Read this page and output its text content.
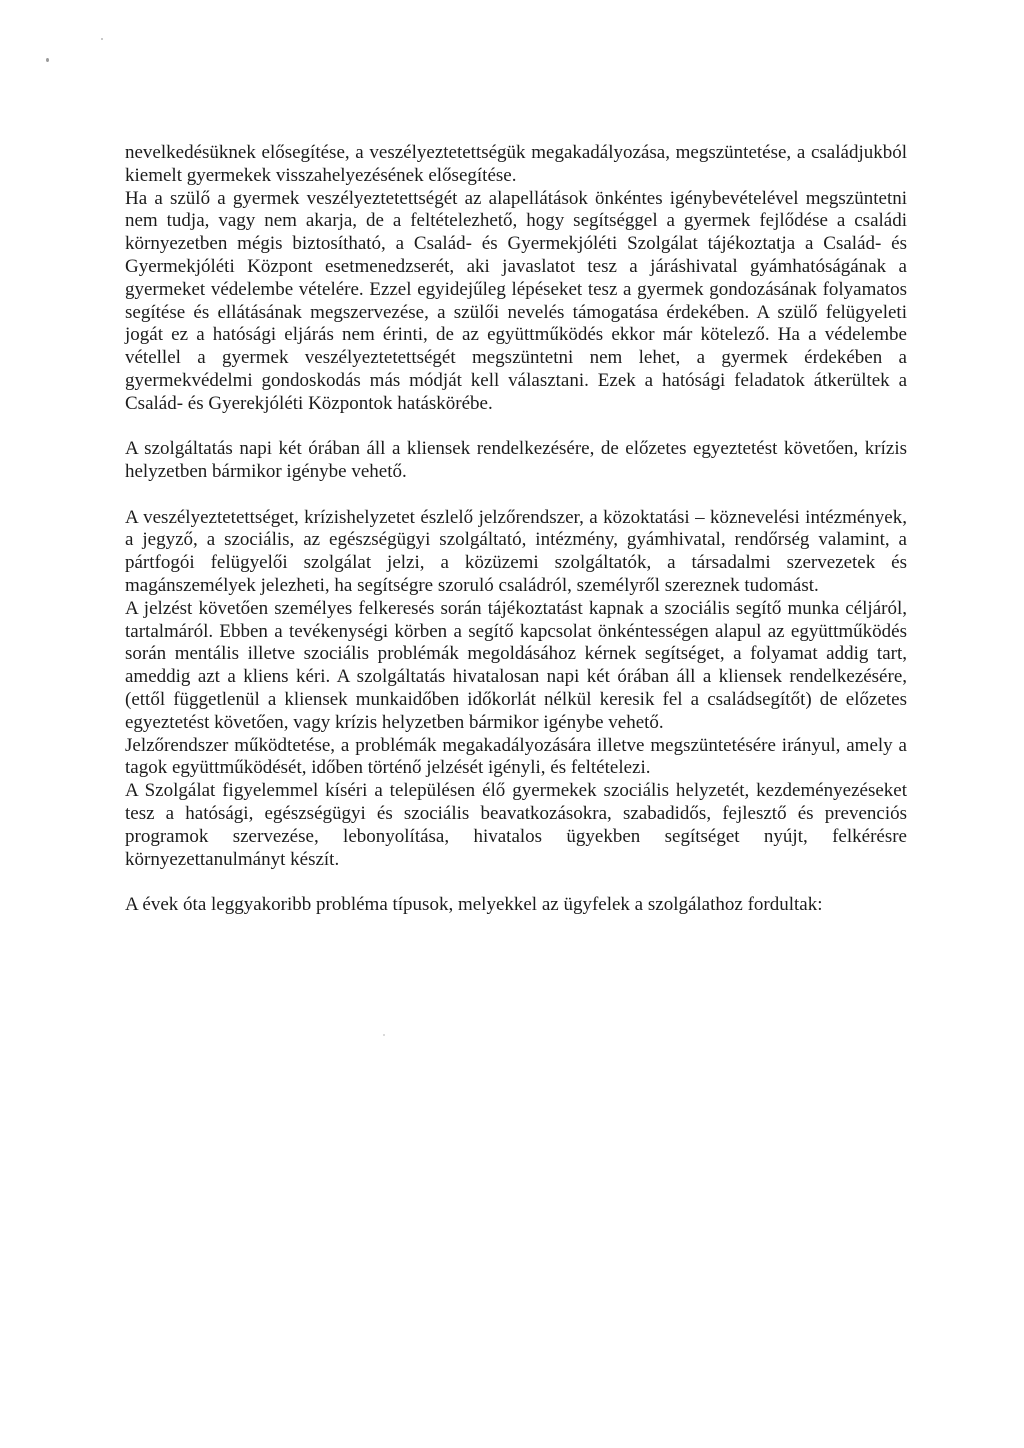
nevelkedésüknek elősegítése, a veszélyeztetettségük megakadályozása, megszüntetése, a családjukból kiemelt gyermekek visszahelyezésének elősegítése.

Ha a szülő a gyermek veszélyeztetettségét az alapellátások önkéntes igénybevételével megszüntetni nem tudja, vagy nem akarja, de a feltételezhető, hogy segítséggel a gyermek fejlődése a családi környezetben mégis biztosítható, a Család- és Gyermekjóléti Szolgálat tájékoztatja a Család- és Gyermekjóléti Központ esetmenedzserét, aki javaslatot tesz a járáshivatal gyámhatóságának a gyermeket védelembe vételére. Ezzel egyidejűleg lépéseket tesz a gyermek gondozásának folyamatos segítése és ellátásának megszervezése, a szülői nevelés támogatása érdekében. A szülő felügyeleti jogát ez a hatósági eljárás nem érinti, de az együttműködés ekkor már kötelező. Ha a védelembe vétellel a gyermek veszélyeztetettségét megszüntetni nem lehet, a gyermek érdekében a gyermekvédelmi gondoskodás más módját kell választani. Ezek a hatósági feladatok átkerültek a Család- és Gyerekjóléti Központok hatáskörébe.

A szolgáltatás napi két órában áll a kliensek rendelkezésére, de előzetes egyeztetést követően, krízis helyzetben bármikor igénybe vehető.

A veszélyeztetettséget, krízishelyzetet észlelő jelzőrendszer, a közoktatási – köznevelési intézmények, a jegyző, a szociális, az egészségügyi szolgáltató, intézmény, gyámhivatal, rendőrség valamint, a pártfogói felügyelői szolgálat jelzi, a közüzemi szolgáltatók, a társadalmi szervezetek és magánszemélyek jelezheti, ha segítségre szoruló családról, személyről szereznek tudomást.

A jelzést követően személyes felkeresés során tájékoztatást kapnak a szociális segítő munka céljáról, tartalmáról. Ebben a tevékenységi körben a segítő kapcsolat önkéntességen alapul az együttműködés során mentális illetve szociális problémák megoldásához kérnek segítséget, a folyamat addig tart, ameddig azt a kliens kéri. A szolgáltatás hivatalosan napi két órában áll a kliensek rendelkezésére, (ettől függetlenül a kliensek munkaidőben időkorlát nélkül keresik fel a családsegítőt) de előzetes egyeztetést követően, vagy krízis helyzetben bármikor igénybe vehető.

Jelzőrendszer működtetése, a problémák megakadályozására illetve megszüntetésére irányul, amely a tagok együttműködését, időben történő jelzését igényli, és feltételezi.

A Szolgálat figyelemmel kíséri a településen élő gyermekek szociális helyzetét, kezdeményezéseket tesz a hatósági, egészségügyi és szociális beavatkozásokra, szabadidős, fejlesztő és prevenciós programok szervezése, lebonyolítása, hivatalos ügyekben segítséget nyújt, felkérésre környezettanulmányt készít.

A évek óta leggyakoribb probléma típusok, melyekkel az ügyfelek a szolgálathoz fordultak:
